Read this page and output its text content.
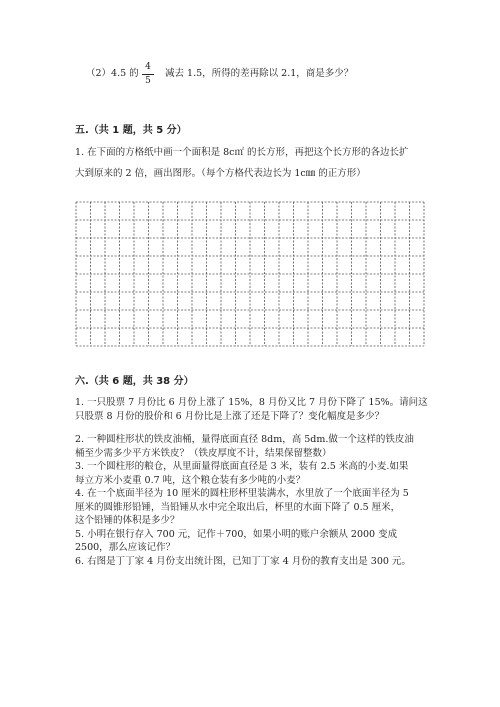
（2）4.5 的
4
5
减去 1.5，所得的差再除以 2.1，商是多少？
五.（共 1 题，共 5 分）
1. 在下面的方格纸中画一个面积是 8c㎡ 的长方形，再把这个长方形的各边长扩
大到原来的 2 倍，画出图形。（每个方格代表边长为 1c㎜ 的正方形）
六.（共 6 题，共 38 分）
1. 一只股票 7 月份比 6 月份上涨了 15%，8 月份又比 7 月份下降了 15%。请问这
只股票 8 月份的股价和 6 月份比是上涨了还是下降了？变化幅度是多少？
2. 一种圆柱形状的铁皮油桶，量得底面直径 8dm，高 5dm.做一个这样的铁皮油
桶至少需多少平方米铁皮？（铁皮厚度不计，结果保留整数）
3. 一个圆柱形的粮仓，从里面量得底面直径是 3 米，装有 2.5 米高的小麦.如果
每立方米小麦重 0.7 吨，这个粮仓装有多少吨的小麦？
4. 在一个底面半径为 10 厘米的圆柱形杯里装满水，水里放了一个底面半径为 5
厘米的圆锥形铅锤，当铅锤从水中完全取出后，杯里的水面下降了 0.5 厘米，
这个铅锤的体积是多少？
5. 小明在银行存入 700 元，记作＋700，如果小明的账户余额从 2000 变成
2500，那么应该记作？
6. 右图是丁丁家 4 月份支出统计图，已知丁丁家 4 月份的教育支出是 300 元。
